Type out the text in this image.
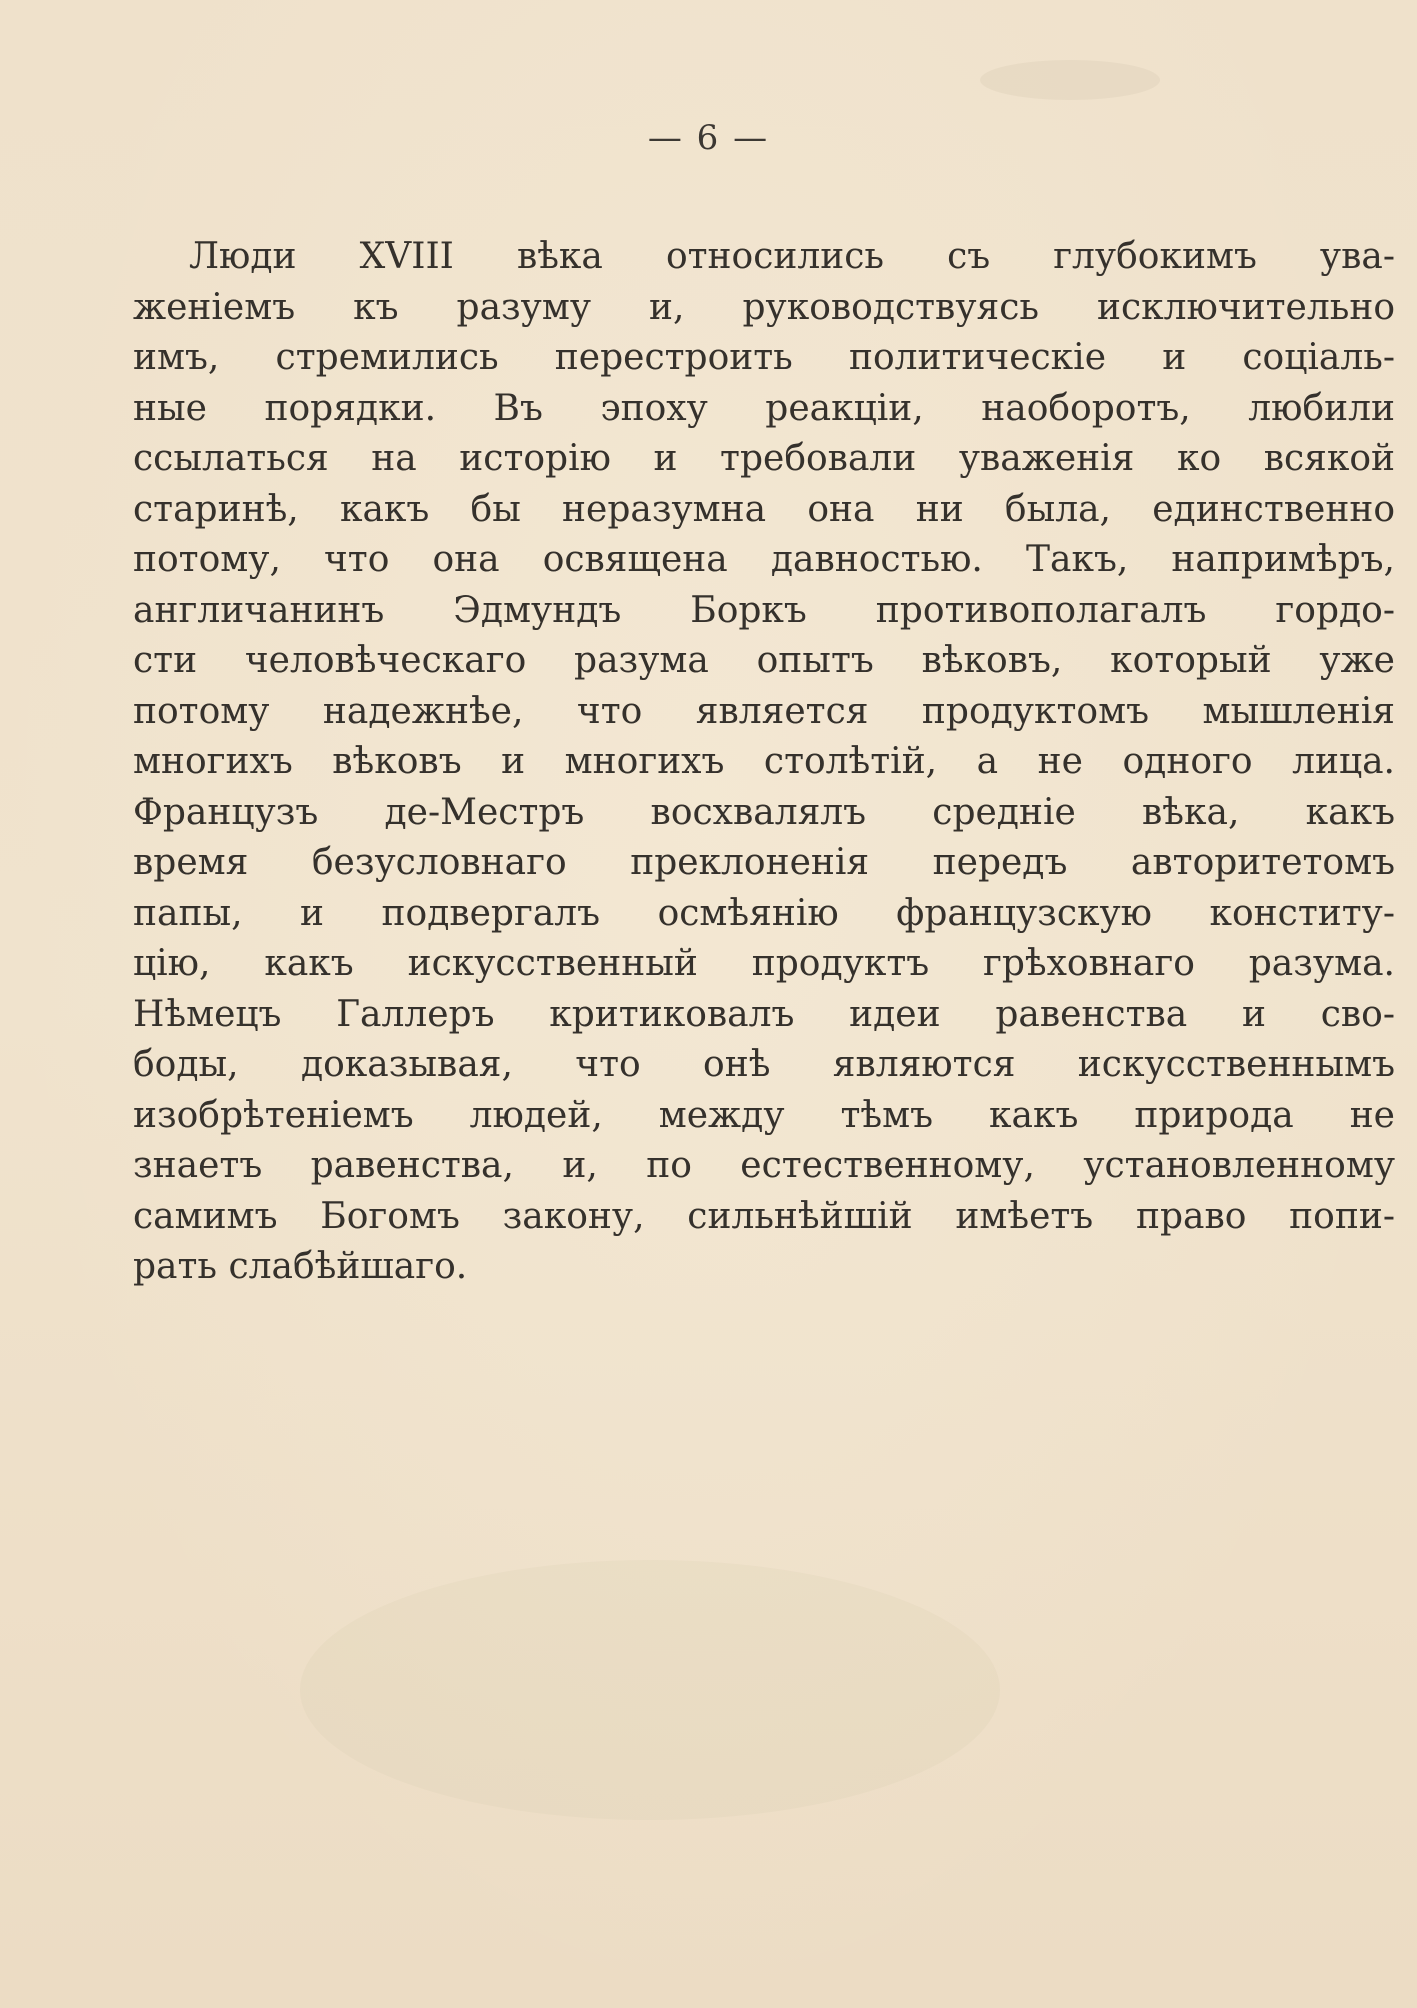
— 6 —
Люди XVIII вѣка относились съ глубокимъ ува-
женіемъ къ разуму и, руководствуясь исключительно
имъ, стремились перестроить политическіе и соціаль-
ные порядки. Въ эпоху реакціи, наоборотъ, любили
ссылаться на исторію и требовали уваженія ко всякой
старинѣ, какъ бы неразумна она ни была, единственно
потому, что она освящена давностью. Такъ, напримѣръ,
англичанинъ Эдмундъ Боркъ противополагалъ гордо-
сти человѣческаго разума опытъ вѣковъ, который уже
потому надежнѣе, что является продуктомъ мышленія
многихъ вѣковъ и многихъ столѣтій, а не одного лица.
Французъ де-Местръ восхвалялъ средніе вѣка, какъ
время безусловнаго преклоненія передъ авторитетомъ
папы, и подвергалъ осмѣянію французскую конститу-
цію, какъ искусственный продуктъ грѣховнаго разума.
Нѣмецъ Галлеръ критиковалъ идеи равенства и сво-
боды, доказывая, что онѣ являются искусственнымъ
изобрѣтеніемъ людей, между тѣмъ какъ природа не
знаетъ равенства, и, по естественному, установленному
самимъ Богомъ закону, сильнѣйшій имѣетъ право попи-
рать слабѣйшаго.
